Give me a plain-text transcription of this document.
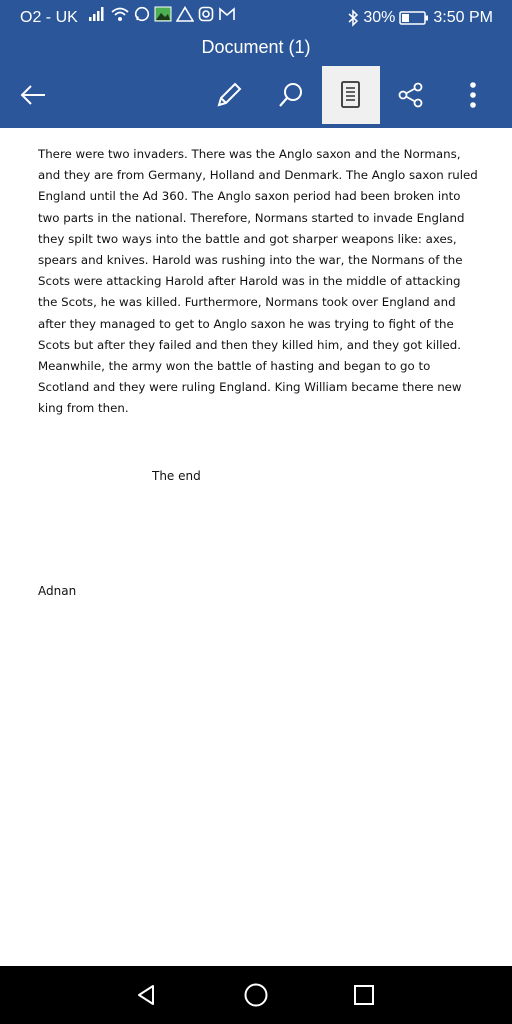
O2 - UK	30% 3:50 PM
Document (1)
There were two invaders. There was the Anglo saxon and the Normans, and they are from Germany, Holland and Denmark. The Anglo saxon ruled England until the Ad 360. The Anglo saxon period had been broken into two parts in the national. Therefore, Normans started to invade England they spilt two ways into the battle and got sharper weapons like: axes, spears and knives. Harold was rushing into the war, the Normans of the Scots were attacking Harold after Harold was in the middle of attacking the Scots, he was killed. Furthermore, Normans took over England and after they managed to get to Anglo saxon he was trying to fight of the Scots but after they failed and then they killed him, and they got killed. Meanwhile, the army won the battle of hasting and began to go to Scotland and they were ruling England. King William became there new king from then.
The end
Adnan
